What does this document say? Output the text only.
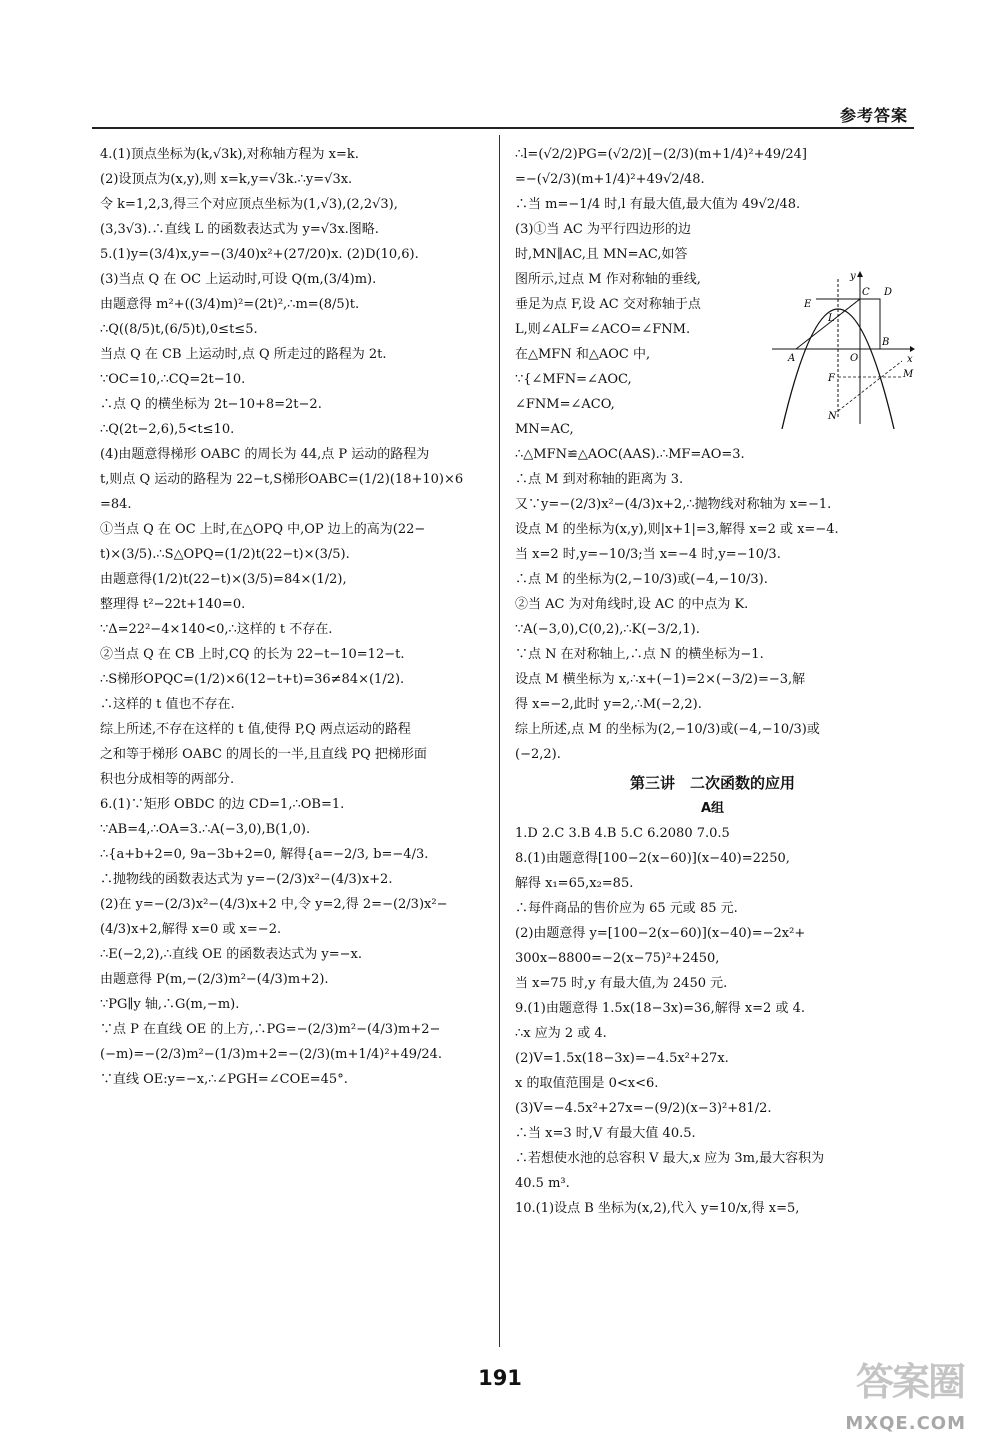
参考答案

4.(1)顶点坐标为(k,√3k),对称轴方程为 x=k.

(2)设顶点为(x,y),则 x=k,y=√3k.∴y=√3x.

令 k=1,2,3,得三个对应顶点坐标为(1,√3),(2,2√3),

(3,3√3).∴直线 L 的函数表达式为 y=√3x.图略.

5.(1)y=(3/4)x,y=−(3/40)x²+(27/20)x. (2)D(10,6).

(3)当点 Q 在 OC 上运动时,可设 Q(m,(3/4)m).

由题意得 m²+((3/4)m)²=(2t)²,∴m=(8/5)t.

∴Q((8/5)t,(6/5)t),0≤t≤5.

当点 Q 在 CB 上运动时,点 Q 所走过的路程为 2t.

∵OC=10,∴CQ=2t−10.

∴点 Q 的横坐标为 2t−10+8=2t−2.

∴Q(2t−2,6),5<t≤10.

(4)由题意得梯形 OABC 的周长为 44,点 P 运动的路程为

t,则点 Q 运动的路程为 22−t,S梯形OABC=(1/2)(18+10)×6

=84.

①当点 Q 在 OC 上时,在△OPQ 中,OP 边上的高为(22−

t)×(3/5).∴S△OPQ=(1/2)t(22−t)×(3/5).

由题意得(1/2)t(22−t)×(3/5)=84×(1/2),

整理得 t²−22t+140=0.

∵Δ=22²−4×140<0,∴这样的 t 不存在.

②当点 Q 在 CB 上时,CQ 的长为 22−t−10=12−t.

∴S梯形OPQC=(1/2)×6(12−t+t)=36≠84×(1/2).

∴这样的 t 值也不存在.

综上所述,不存在这样的 t 值,使得 P,Q 两点运动的路程

之和等于梯形 OABC 的周长的一半,且直线 PQ 把梯形面

积也分成相等的两部分.

6.(1)∵矩形 OBDC 的边 CD=1,∴OB=1.

∵AB=4,∴OA=3.∴A(−3,0),B(1,0).

∴{a+b+2=0, 9a−3b+2=0, 解得{a=−2/3, b=−4/3.

∴抛物线的函数表达式为 y=−(2/3)x²−(4/3)x+2.

(2)在 y=−(2/3)x²−(4/3)x+2 中,令 y=2,得 2=−(2/3)x²−

(4/3)x+2,解得 x=0 或 x=−2.

∴E(−2,2),∴直线 OE 的函数表达式为 y=−x.

由题意得 P(m,−(2/3)m²−(4/3)m+2).

∵PG∥y 轴,∴G(m,−m).

∵点 P 在直线 OE 的上方,∴PG=−(2/3)m²−(4/3)m+2−

(−m)=−(2/3)m²−(1/3)m+2=−(2/3)(m+1/4)²+49/24.

∵直线 OE:y=−x,∴∠PGH=∠COE=45°.

∴l=(√2/2)PG=(√2/2)[−(2/3)(m+1/4)²+49/24]

=−(√2/3)(m+1/4)²+49√2/48.

∴当 m=−1/4 时,l 有最大值,最大值为 49√2/48.

(3)①当 AC 为平行四边形的边

时,MN∥AC,且 MN=AC,如答

图所示,过点 M 作对称轴的垂线,

垂足为点 F,设 AC 交对称轴于点

L,则∠ALF=∠ACO=∠FNM.

在△MFN 和△AOC 中,

∵{∠MFN=∠AOC,

∠FNM=∠ACO,

MN=AC,

∴△MFN≌△AOC(AAS).∴MF=AO=3.

∴点 M 到对称轴的距离为 3.

又∵y=−(2/3)x²−(4/3)x+2,∴抛物线对称轴为 x=−1.

设点 M 的坐标为(x,y),则|x+1|=3,解得 x=2 或 x=−4.

当 x=2 时,y=−10/3;当 x=−4 时,y=−10/3.

∴点 M 的坐标为(2,−10/3)或(−4,−10/3).

②当 AC 为对角线时,设 AC 的中点为 K.

∵A(−3,0),C(0,2),∴K(−3/2,1).

∵点 N 在对称轴上,∴点 N 的横坐标为−1.

设点 M 横坐标为 x,∴x+(−1)=2×(−3/2)=−3,解

得 x=−2,此时 y=2,∴M(−2,2).

综上所述,点 M 的坐标为(2,−10/3)或(−4,−10/3)或

(−2,2).

第三讲　二次函数的应用

A组

1.D 2.C 3.B 4.B 5.C 6.2080 7.0.5

8.(1)由题意得[100−2(x−60)](x−40)=2250,

解得 x₁=65,x₂=85.

∴每件商品的售价应为 65 元或 85 元.

(2)由题意得 y=[100−2(x−60)](x−40)=−2x²+

300x−8800=−2(x−75)²+2450,

当 x=75 时,y 有最大值,为 2450 元.

9.(1)由题意得 1.5x(18−3x)=36,解得 x=2 或 4.

∴x 应为 2 或 4.

(2)V=1.5x(18−3x)=−4.5x²+27x.

x 的取值范围是 0<x<6.

(3)V=−4.5x²+27x=−(9/2)(x−3)²+81/2.

∴当 x=3 时,V 有最大值 40.5.

∴若想使水池的总容积 V 最大,x 应为 3m,最大容积为

40.5 m³.

10.(1)设点 B 坐标为(x,2),代入 y=10/x,得 x=5,

y
x
O
A
B
C D
E
L
F	M
N
191	答案圈
MXQE.COM
